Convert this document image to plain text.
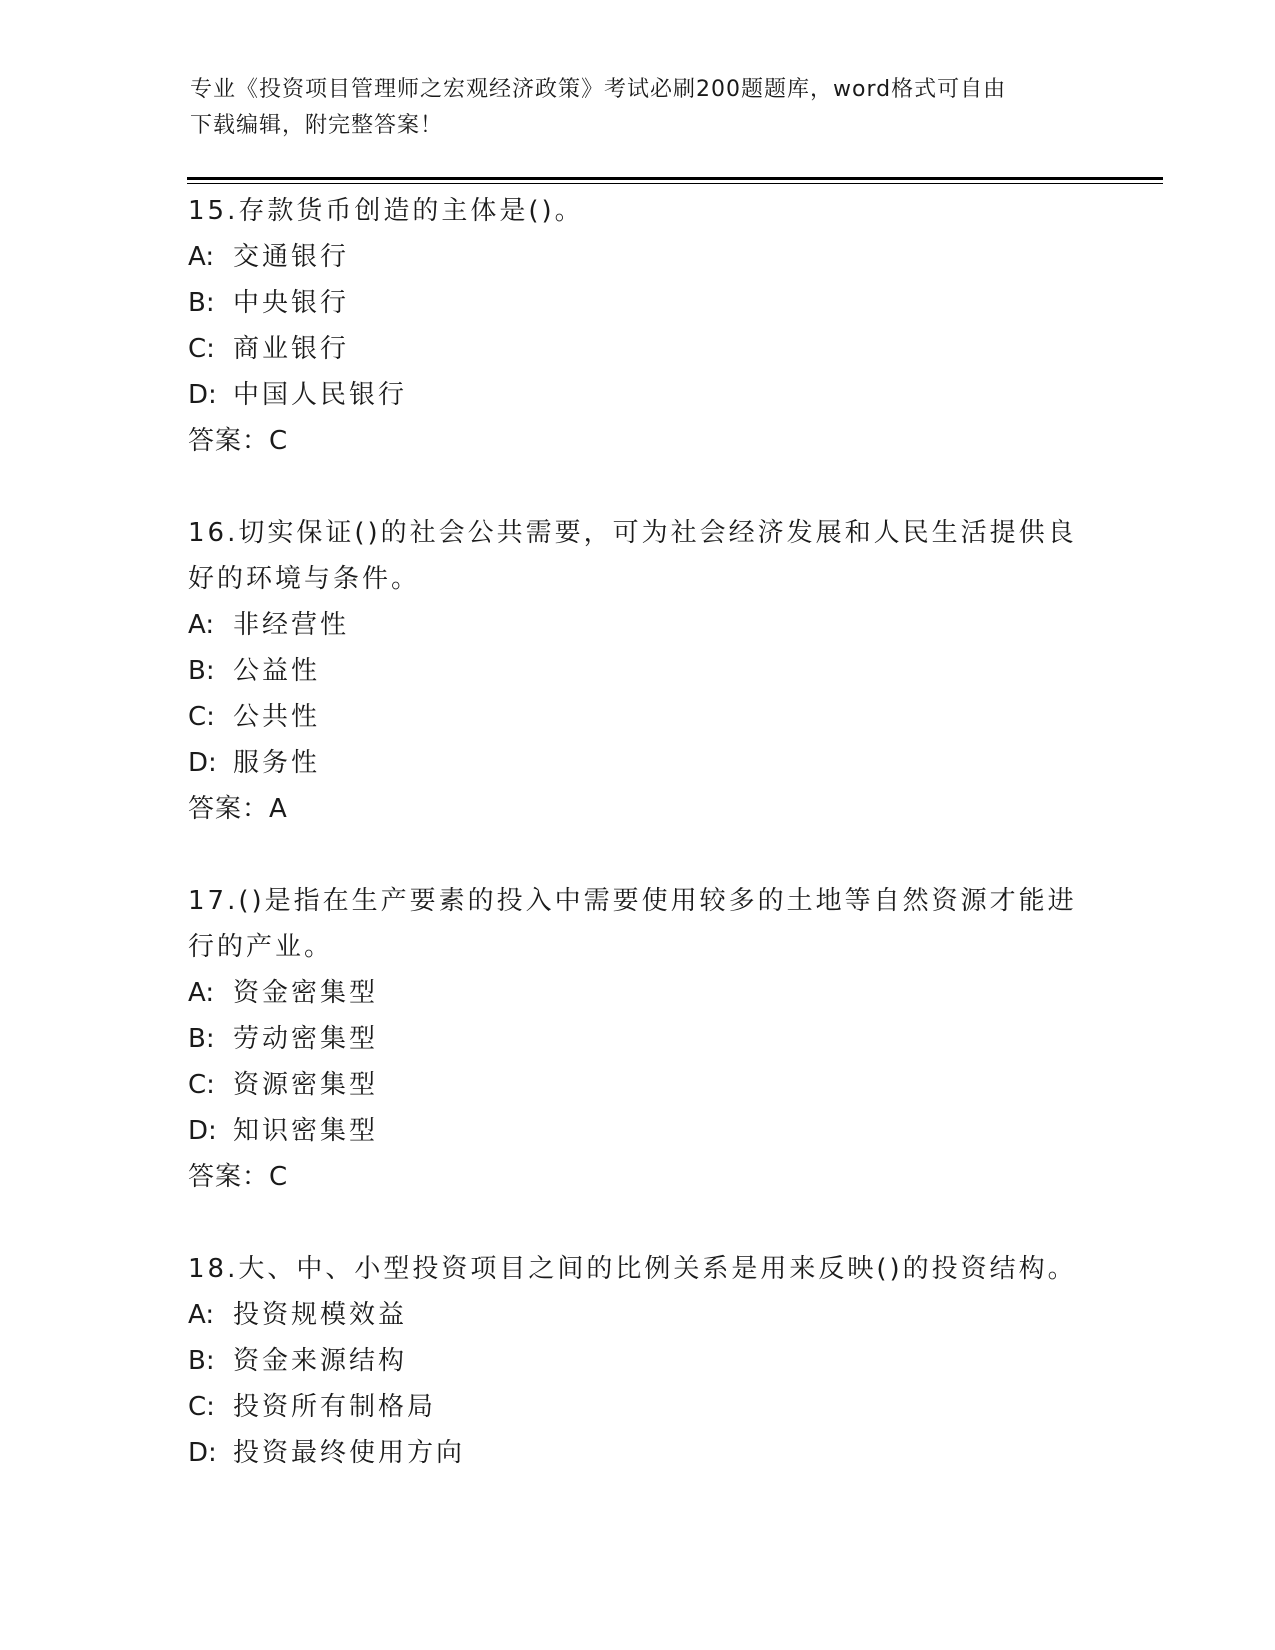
专业《投资项目管理师之宏观经济政策》考试必刷200题题库，word格式可自由
下载编辑，附完整答案！
15.存款货币创造的主体是()。
A: 交通银行
B: 中央银行
C: 商业银行
D: 中国人民银行
答案：C
16.切实保证()的社会公共需要，可为社会经济发展和人民生活提供良好的环境与条件。
A: 非经营性
B: 公益性
C: 公共性
D: 服务性
答案：A
17.()是指在生产要素的投入中需要使用较多的土地等自然资源才能进行的产业。
A: 资金密集型
B: 劳动密集型
C: 资源密集型
D: 知识密集型
答案：C
18.大、中、小型投资项目之间的比例关系是用来反映()的投资结构。
A: 投资规模效益
B: 资金来源结构
C: 投资所有制格局
D: 投资最终使用方向
